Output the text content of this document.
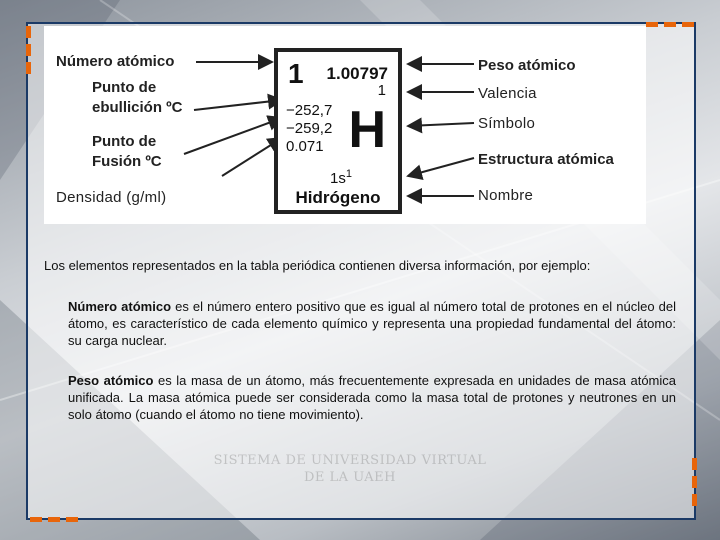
SISTEMA DE UNIVERSIDAD VIRTUAL
DE LA UAEH
Número atómico
Punto de
ebullición ºC
Punto de
Fusión ºC
Densidad (g/ml)
Peso atómico
Valencia
Símbolo
Estructura atómica
Nombre
1 1.00797
1
−252,7
−259,2
0.071 H
$1s^1$
Hidrógeno
Los elementos representados en la tabla periódica contienen diversa información, por ejemplo:
Número atómico es el número entero positivo que es igual al número total de protones en el núcleo del átomo, es característico de cada elemento químico y representa una propiedad fundamental del átomo: su carga nuclear.
Peso atómico es la masa de un átomo, más frecuentemente expresada en unidades de masa atómica unificada. La masa atómica puede ser considerada como la masa total de protones y neutrones en un solo átomo (cuando el átomo no tiene movimiento).
